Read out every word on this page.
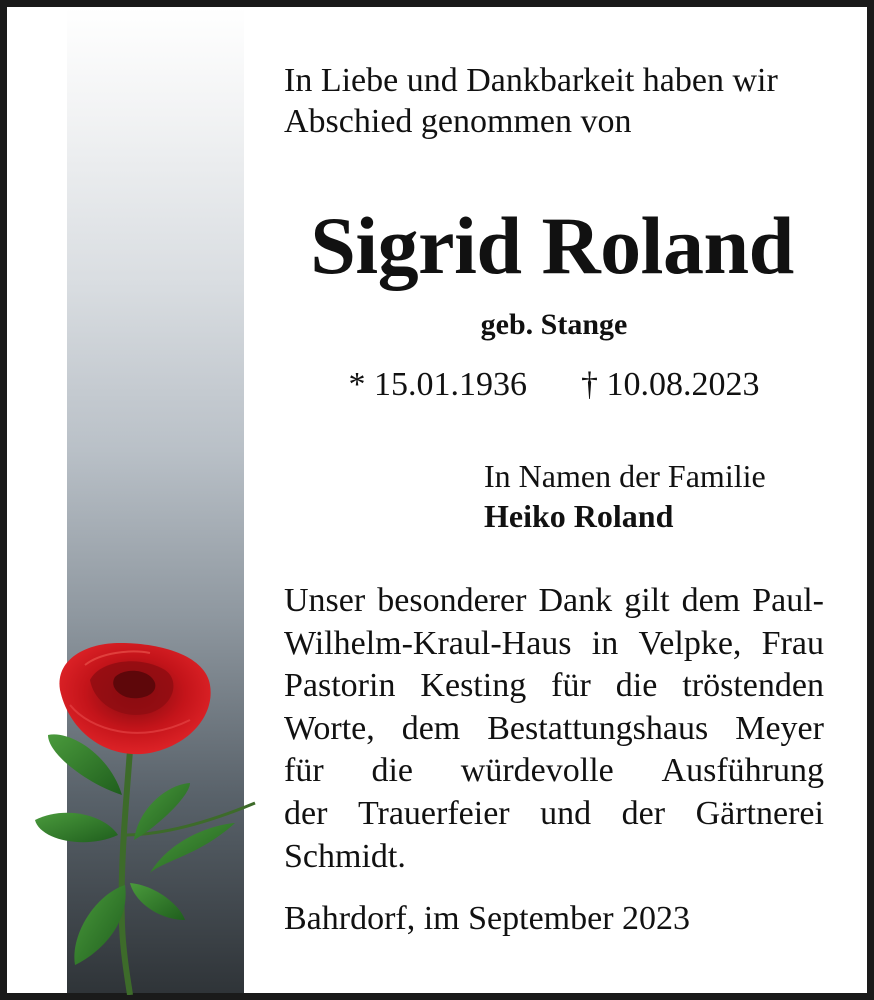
In Liebe und Dankbarkeit haben wir

Abschied genommen von

Sigrid Roland
geb. Stange
* 15.01.1936 † 10.08.2023
In Namen der Familie
Heiko Roland
Unser besonderer Dank gilt dem Paul-
Wilhelm-Kraul-Haus in Velpke, Frau
Pastorin Kesting für die tröstenden
Worte, dem Bestattungshaus Meyer
für die würdevolle Ausführung
der Trauerfeier und der Gärtnerei
Schmidt.
Bahrdorf, im September 2023
